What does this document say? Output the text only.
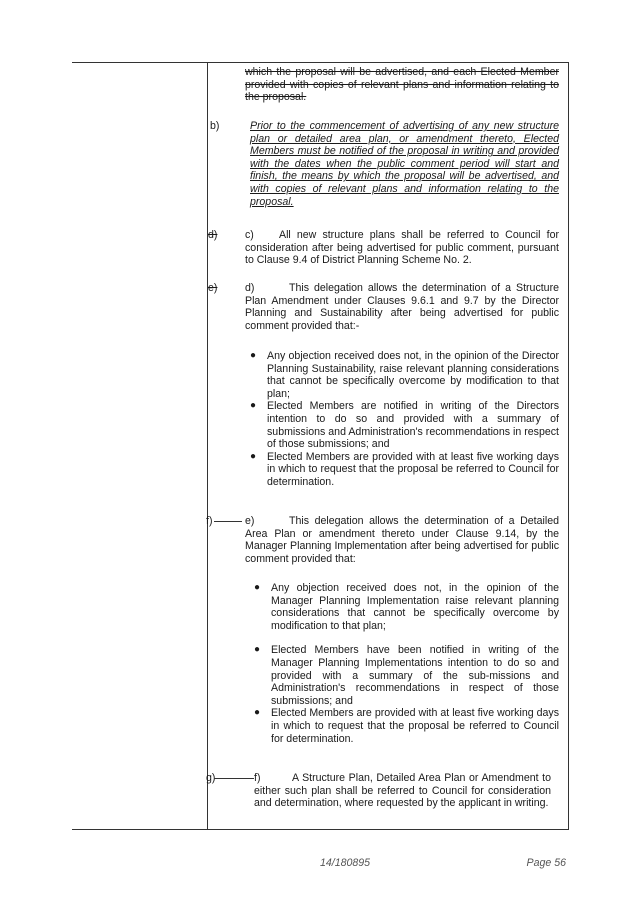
which the proposal will be advertised, and each Elected Member provided with copies of relevant plans and information relating to the proposal.
b)	Prior to the commencement of advertising of any new structure plan or detailed area plan, or amendment thereto, Elected Members must be notified of the proposal in writing and provided with the dates when the public comment period will start and finish, the means by which the proposal will be advertised, and with copies of relevant plans and information relating to the proposal.
d)	c) All new structure plans shall be referred to Council for consideration after being advertised for public comment, pursuant to Clause 9.4 of District Planning Scheme No. 2.
e)	d)	This delegation allows the determination of a Structure Plan Amendment under Clauses 9.6.1 and 9.7 by the Director Planning and Sustainability after being advertised for public comment provided that:-
● Any objection received does not, in the opinion of the Director Planning Sustainability, raise relevant planning considerations that cannot be specifically overcome by modification to that plan;
● Elected Members are notified in writing of the Directors intention to do so and provided with a summary of submissions and Administration's recommendations in respect of those submissions; and
● Elected Members are provided with at least five working days in which to request that the proposal be referred to Council for determination.
f)	e)	This delegation allows the determination of a Detailed Area Plan or amendment thereto under Clause 9.14, by the Manager Planning Implementation after being advertised for public comment provided that:
● Any objection received does not, in the opinion of the Manager Planning Implementation raise relevant planning considerations that cannot be specifically overcome by modification to that plan;
● Elected Members have been notified in writing of the Manager Planning Implementations intention to do so and provided with a summary of the sub-missions and Administration's recommendations in respect of those submissions; and
● Elected Members are provided with at least five working days in which to request that the proposal be referred to Council for determination.
g)	f)	A Structure Plan, Detailed Area Plan or Amendment to either such plan shall be referred to Council for consideration and determination, where requested by the applicant in writing.
14/180895	Page 56
